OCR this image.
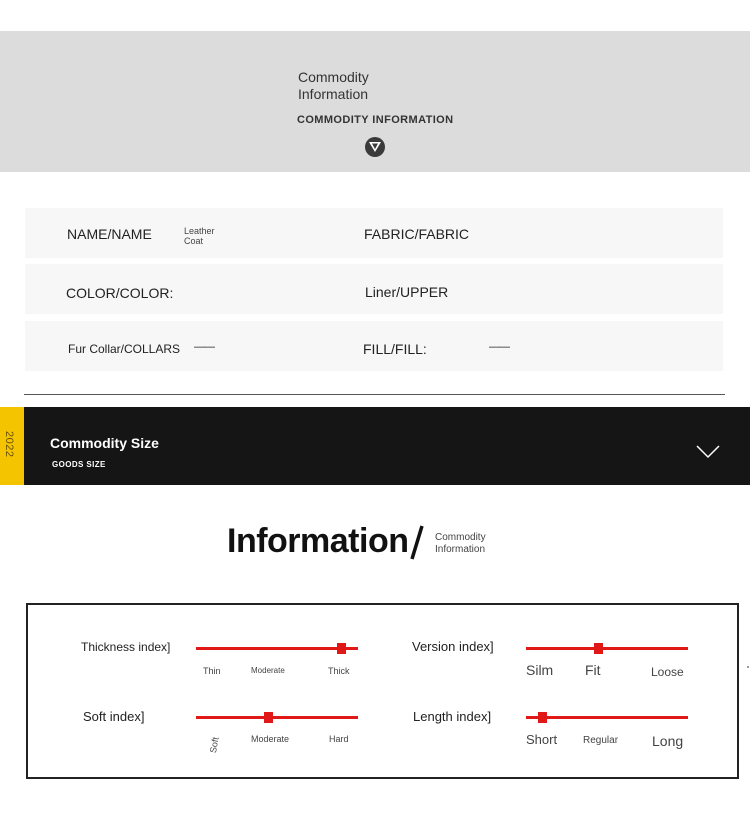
Commodity Information
COMMODITY INFORMATION
NAME/NAME	Leather Coat	FABRIC/FABRIC
COLOR/COLOR:	Liner/UPPER
Fur Collar/COLLARS ——	FILL/FILL:	——
2022	Commodity Size
GOODS SIZE
Information	Commodity Information
Thickness index]
Thin	Moderate	Thick
Version index]
Silm Fit	Loose
Soft index]
Soft	Moderate	Hard
Length index]
Short	Regular Long
